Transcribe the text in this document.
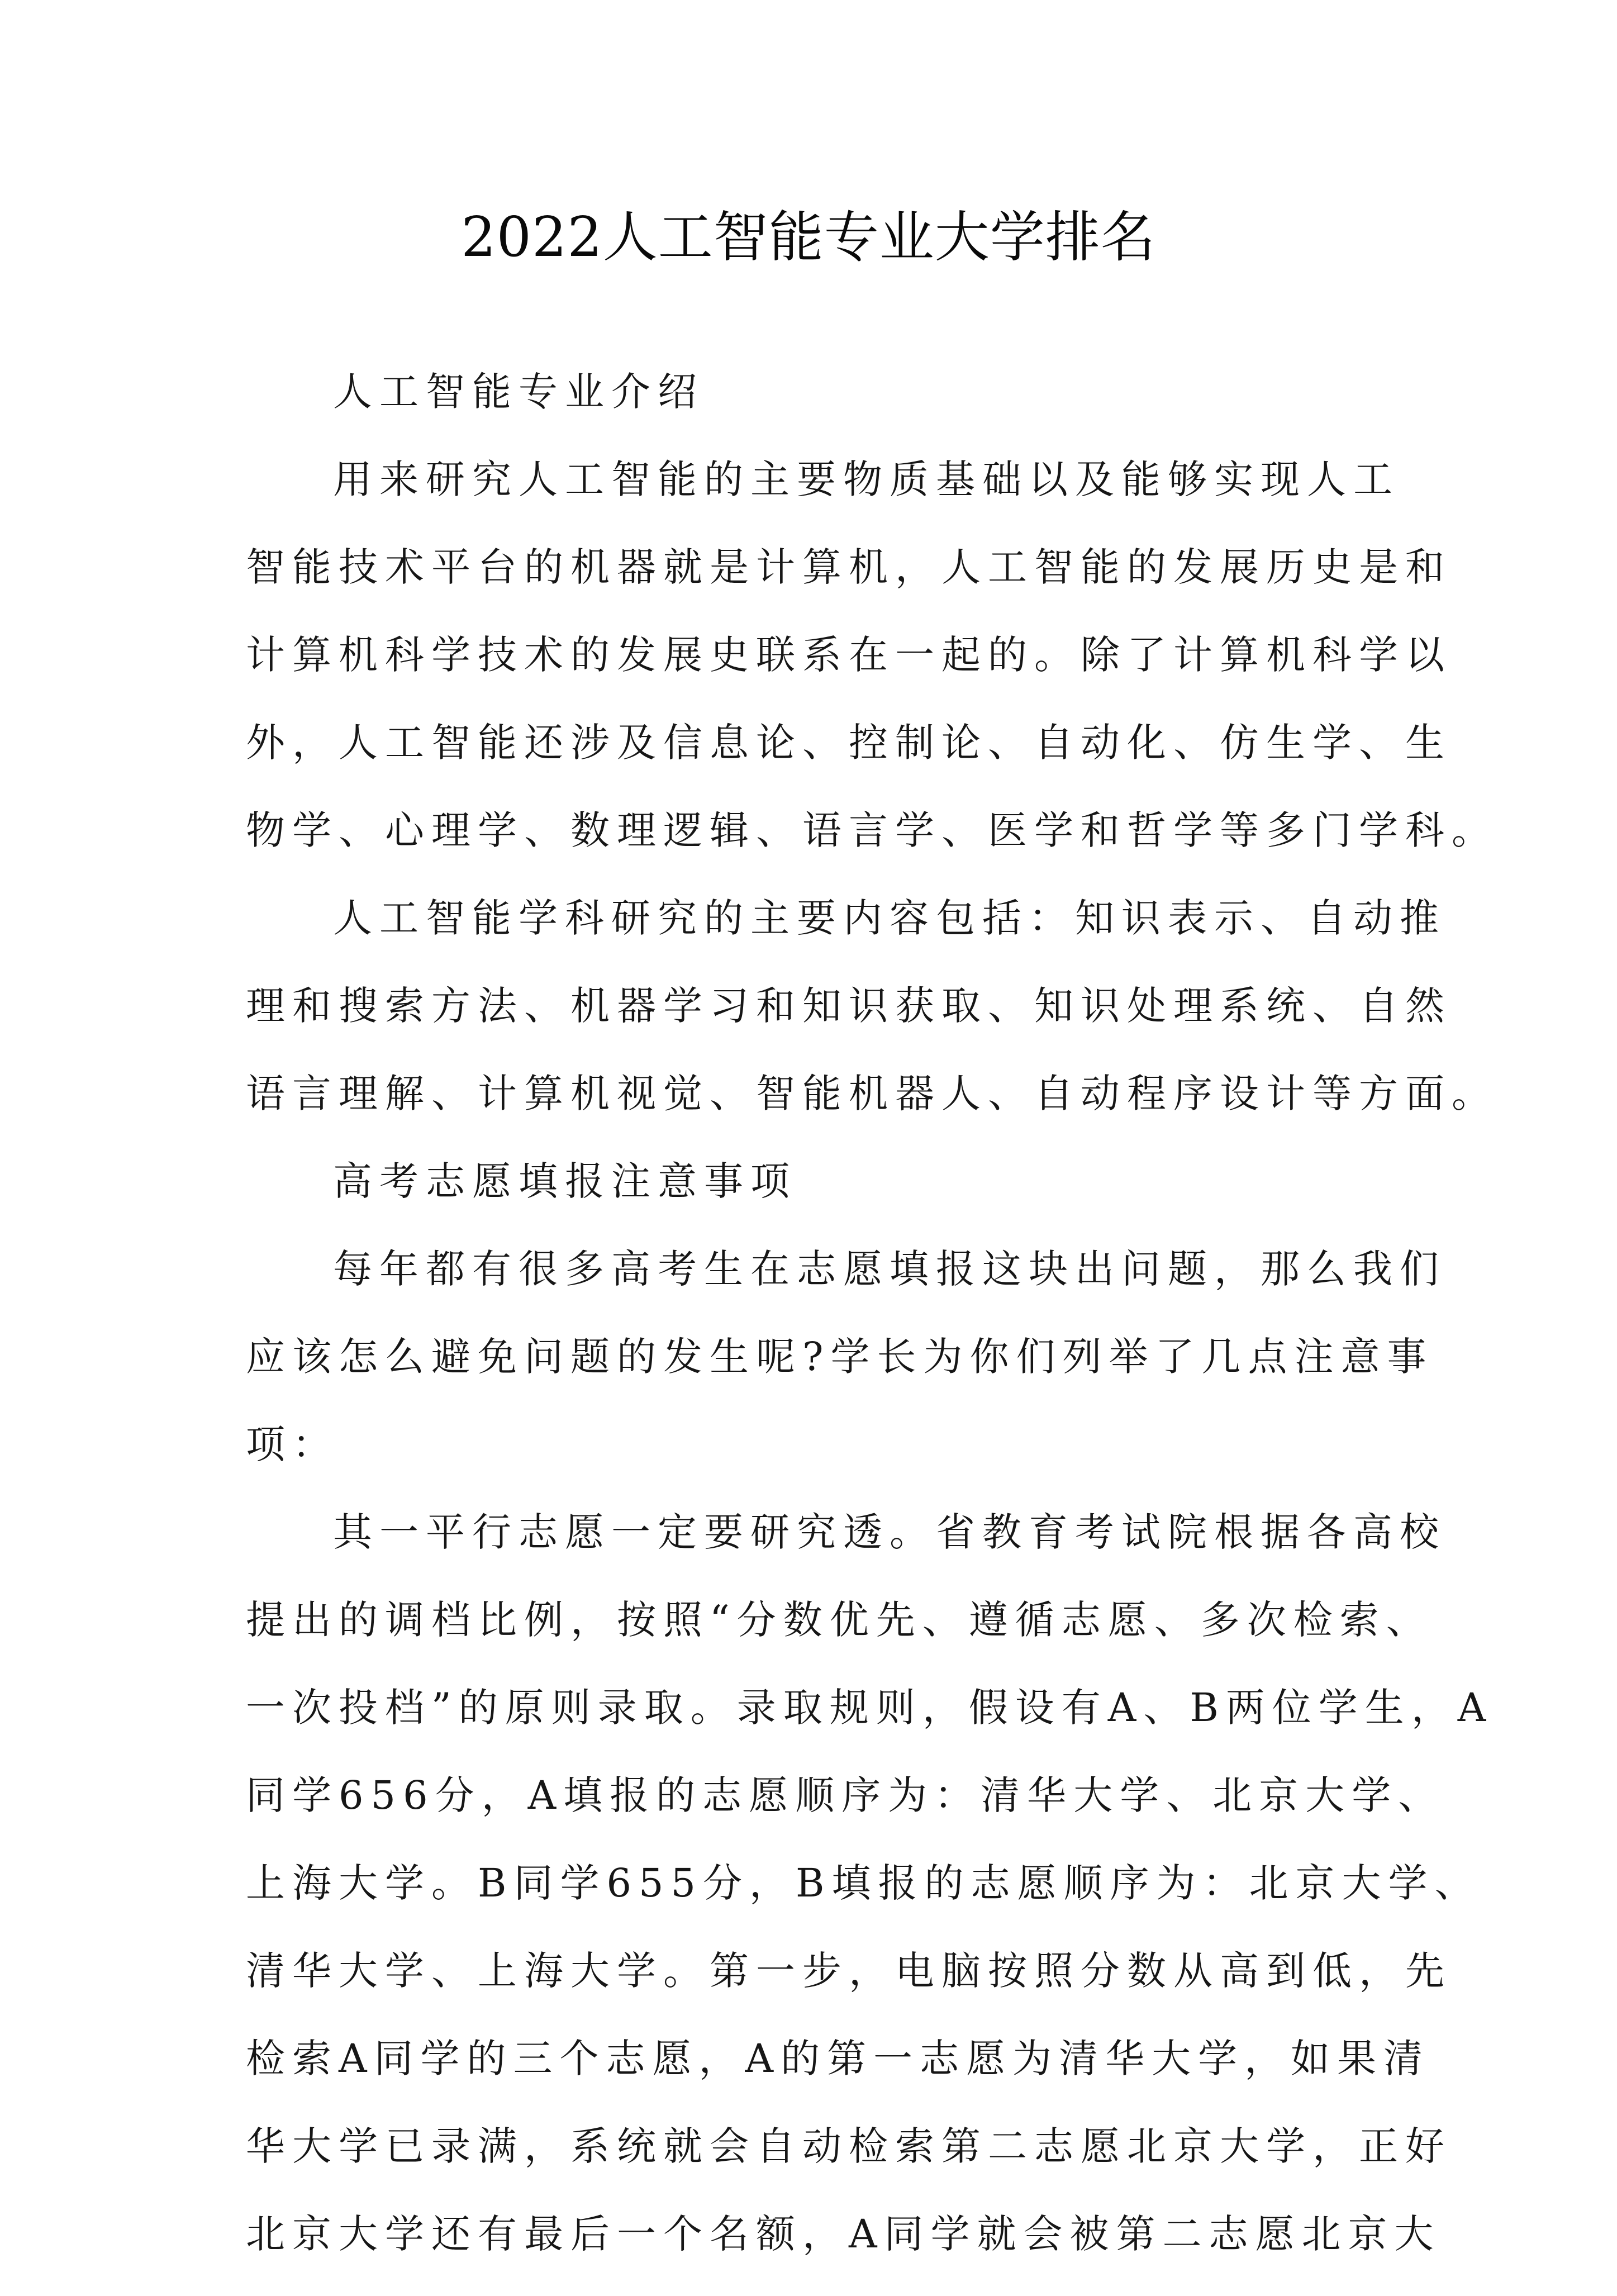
2022人工智能专业大学排名
人工智能专业介绍
用来研究人工智能的主要物质基础以及能够实现人工
智能技术平台的机器就是计算机，人工智能的发展历史是和
计算机科学技术的发展史联系在一起的。除了计算机科学以
外，人工智能还涉及信息论、控制论、自动化、仿生学、生
物学、心理学、数理逻辑、语言学、医学和哲学等多门学科。
人工智能学科研究的主要内容包括：知识表示、自动推
理和搜索方法、机器学习和知识获取、知识处理系统、自然
语言理解、计算机视觉、智能机器人、自动程序设计等方面。
高考志愿填报注意事项
每年都有很多高考生在志愿填报这块出问题，那么我们
应该怎么避免问题的发生呢?学长为你们列举了几点注意事
项：
其一平行志愿一定要研究透。省教育考试院根据各高校
提出的调档比例，按照“分数优先、遵循志愿、多次检索、
一次投档”的原则录取。录取规则，假设有A、B两位学生，A
同学656分，A填报的志愿顺序为：清华大学、北京大学、
上海大学。B同学655分，B填报的志愿顺序为：北京大学、
清华大学、上海大学。第一步，电脑按照分数从高到低，先
检索A同学的三个志愿，A的第一志愿为清华大学，如果清
华大学已录满，系统就会自动检索第二志愿北京大学，正好
北京大学还有最后一个名额，A同学就会被第二志愿北京大
